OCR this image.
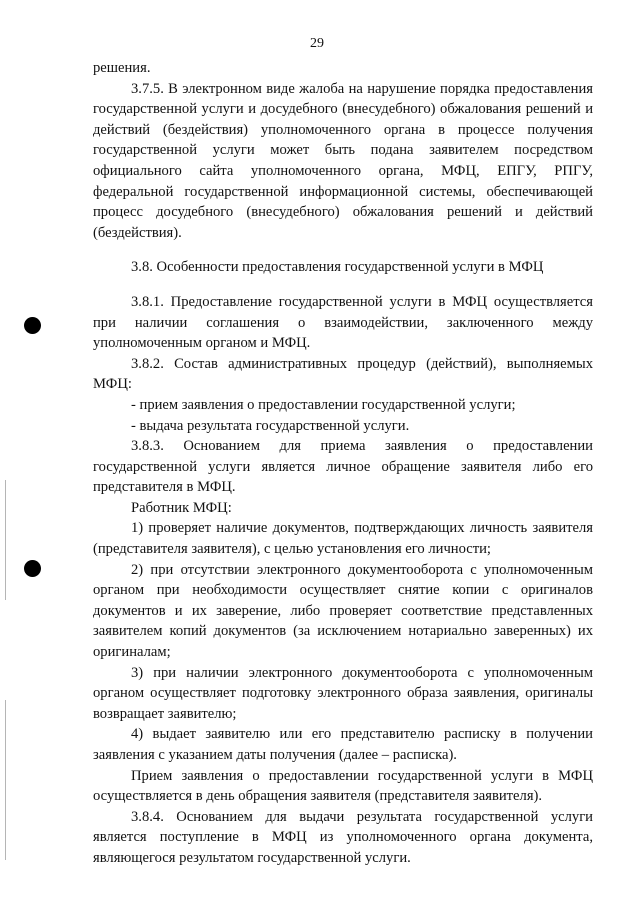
29

решения.

3.7.5. В электронном виде жалоба на нарушение порядка предоставления государственной услуги и досудебного (внесудебного) обжалования решений и действий (бездействия) уполномоченного органа в процессе получения государственной услуги может быть подана заявителем посредством официального сайта уполномоченного органа, МФЦ, ЕПГУ, РПГУ, федеральной государственной информационной системы, обеспечивающей процесс досудебного (внесудебного) обжалования решений и действий (бездействия).

3.8. Особенности предоставления государственной услуги в МФЦ

3.8.1. Предоставление государственной услуги в МФЦ осуществляется при наличии соглашения о взаимодействии, заключенного между уполномоченным органом и МФЦ.

3.8.2. Состав административных процедур (действий), выполняемых МФЦ:

- прием заявления о предоставлении государственной услуги;

- выдача результата государственной услуги.

3.8.3. Основанием для приема заявления о предоставлении государственной услуги является личное обращение заявителя либо его представителя в МФЦ.

Работник МФЦ:

1) проверяет наличие документов, подтверждающих личность заявителя (представителя заявителя), с целью установления его личности;

2) при отсутствии электронного документооборота с уполномоченным органом при необходимости осуществляет снятие копии с оригиналов документов и их заверение, либо проверяет соответствие представленных заявителем копий документов (за исключением нотариально заверенных) их оригиналам;

3) при наличии электронного документооборота с уполномоченным органом осуществляет подготовку электронного образа заявления, оригиналы возвращает заявителю;

4) выдает заявителю или его представителю расписку в получении заявления с указанием даты получения (далее – расписка).

Прием заявления о предоставлении государственной услуги в МФЦ осуществляется в день обращения заявителя (представителя заявителя).

3.8.4. Основанием для выдачи результата государственной услуги является поступление в МФЦ из уполномоченного органа документа, являющегося результатом государственной услуги.
